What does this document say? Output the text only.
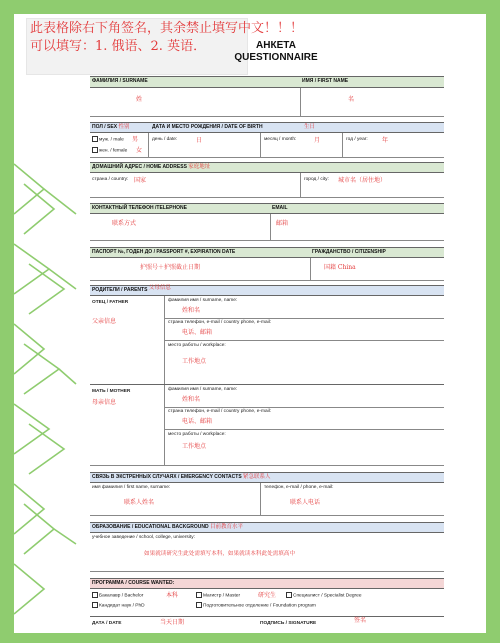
此表格除右下角签名，其余禁止填写中文！！！
可以填写：1. 俄语、2. 英语．	АНКЕТА
QUESTIONNAIRE
ФАМИЛИЯ / SURNAME	ИМЯ / FIRST NAME
姓	名
ПОЛ / SEX 性别	ДАТА И МЕСТО РОЖДЕНИЯ / DATE OF BIRTH	生日
муж. / male 男
жен. / female 女
день / date:	日	месяц / month:	月	год / year: 年
ДОМАШНИЙ АДРЕС / HOME ADDRESS 家庭地址
страна / country: 国家	город / city: 城市名（居住地）
КОНТАКТНЫЙ ТЕЛЕФОН /TELEPHONE	EMAIL
联系方式	邮箱
ПАСПОРТ №, ГОДЕН ДО / PASSPORT #, EXPIRATION DATE	ГРАЖДАНСТВО / CITIZENSHIP
护照号＋护照截止日期	国籍 China
РОДИТЕЛИ / PARENTS 父母信息
ОТЕЦ / FATHER
父亲信息
фамилия имя / surname, name:
姓和名
страна телефон, e-mail / country phone, e-mail:
电话、邮箱
место работы / workplace:
工作地点
МАТЬ / MOTHER
母亲信息
фамилия имя / surname, name:
姓和名
страна телефон, e-mail / country phone, e-mail:
电话、邮箱
место работы / workplace:
工作地点
СВЯЗЬ В ЭКСТРЕННЫХ СЛУЧАЯХ / EMERGENCY CONTACTS 紧急联系人
имя фамилия / first name, surname:
联系人姓名
телефон, e-mail / phone, e-mail:
联系人电话
ОБРАЗОВАНИЕ / EDUCATIONAL BACKGROUND 目前教育水平
учебное заведение / school, college, university:
如果就读研究生此处需填写本科，如果就读本科此处需填高中
ПРОГРАММА / COURSE WANTED:
Бакалавр / Bachelor	本科	Магистр / Master	研究生	Специалист / Specialist Degree
Кандидат наук / PhD	Подготовительное отделение / Foundation program
ДАТА / DATE	当天日期	ПОДПИСЬ / SIGNATURE	签名
